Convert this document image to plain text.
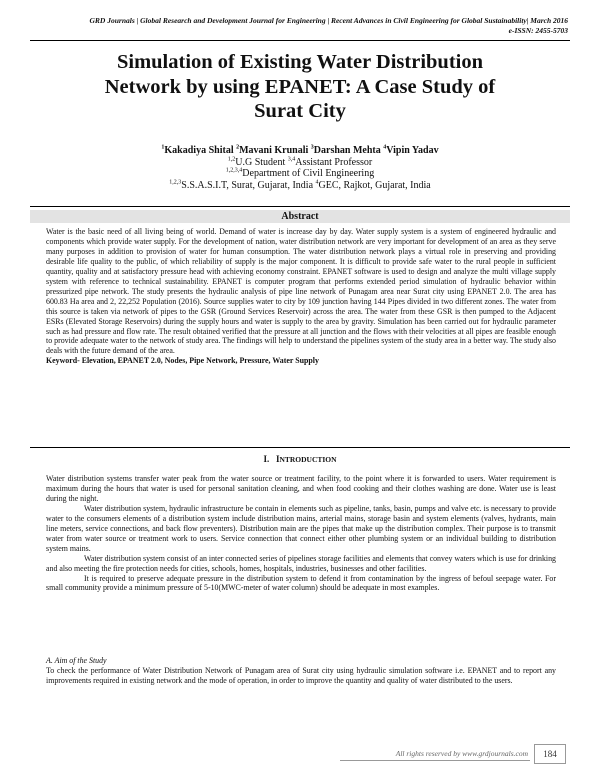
GRD Journals | Global Research and Development Journal for Engineering | Recent Advances in Civil Engineering for Global Sustainability| March 2016
e-ISSN: 2455-5703
Simulation of Existing Water Distribution
Network by using EPANET: A Case Study of
Surat City
$^1$Kakadiya Shital $^2$Mavani Krunali $^3$Darshan Mehta $^4$Vipin Yadav
$^{1,2}$U.G Student $^{3,4}$Assistant Professor
$^{1,2,3,4}$Department of Civil Engineering
$^{1,2,3}$S.S.A.S.I.T, Surat, Gujarat, India $^4$GEC, Rajkot, Gujarat, India
Abstract
Water is the basic need of all living being of world. Demand of water is increase day by day. Water supply system is a system of engineered hydraulic and components which provide water supply. For the development of nation, water distribution network are very important for development of an area as they serve many purposes in addition to provision of water for human consumption. The water distribution network plays a virtual role in preserving and providing desirable life quality to the public, of which reliability of supply is the major component. It is difficult to provide safe water to the rural people in sufficient quantity, quality and at satisfactory pressure head with achieving economy constraint. EPANET software is used to design and analyze the multi village supply system with reference to technical sustainability. EPANET is computer program that performs extended period simulation of hydraulic behavior within pressurized pipe network. The study presents the hydraulic analysis of pipe line network of Punagam area near Surat city using EPANET 2.0. The area has 600.83 Ha area and 2, 22,252 Population (2016). Source supplies water to city by 109 junction having 144 Pipes divided in two different zones. The water from this source is taken via network of pipes to the GSR (Ground Services Reservoir) across the area. The water from these GSR is then pumped to the Adjacent ESRs (Elevated Storage Reservoirs) during the supply hours and water is supply to the area by gravity. Simulation has been carried out for hydraulic parameter such as had pressure and flow rate. The result obtained verified that the pressure at all junction and the flows with their velocities at all pipes are feasible enough to provide adequate water to the network of study area. The findings will help to understand the pipelines system of the study area in a better way. The study also deals with the future demand of the area.
Keyword- Elevation, EPANET 2.0, Nodes, Pipe Network, Pressure, Water Supply
I. INTRODUCTION
Water distribution systems transfer water peak from the water source or treatment facility, to the point where it is forwarded to users. Water requirement is maximum during the hours that water is used for personal sanitation cleaning, and when food cooking and their clothes washing are done. Water use is least during the night.
Water distribution system, hydraulic infrastructure be contain in elements such as pipeline, tanks, basin, pumps and valve etc. is necessary to provide water to the consumers elements of a distribution system include distribution mains, arterial mains, storage basin and system elements (valves, hydrants, main line meters, service connections, and back flow preventers). Distribution main are the pipes that make up the distribution complex. Their purpose is to transmit water from water source or treatment work to users. Service connection that connect either other plumbing system or an individual building to distribution system mains.
Water distribution system consist of an inter connected series of pipelines storage facilities and elements that convey waters which is use for drinking and also meeting the fire protection needs for cities, schools, homes, hospitals, industries, businesses and other facilities.
It is required to preserve adequate pressure in the distribution system to defend it from contamination by the ingress of befoul seepage water. For small community provide a minimum pressure of 5-10(MWC-meter of water column) should be adequate in most examples.
A. Aim of the Study
To check the performance of Water Distribution Network of Punagam area of Surat city using hydraulic simulation software i.e. EPANET and to report any improvements required in existing network and the mode of operation, in order to improve the quantity and quality of water distributed to the users.
All rights reserved by www.grdjournals.com	184
